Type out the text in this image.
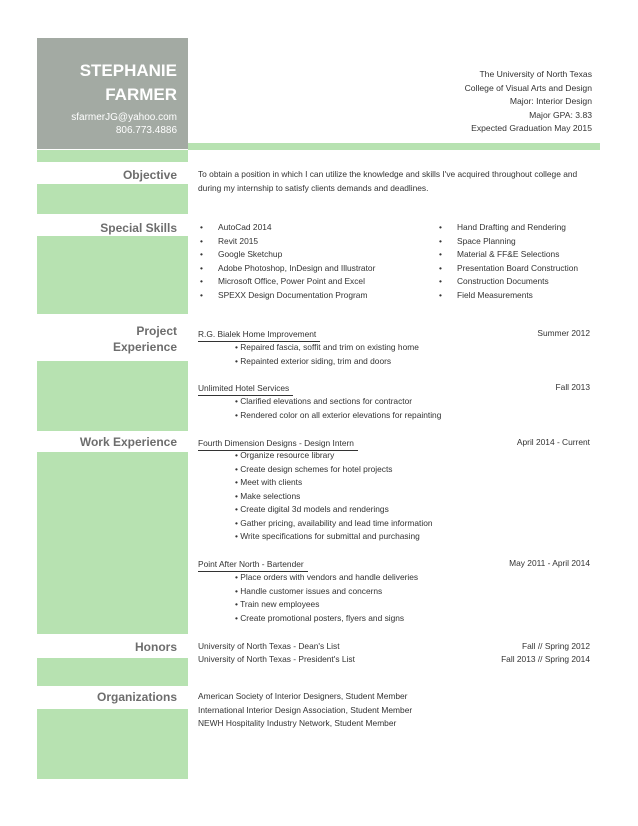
STEPHANIE
FARMER
sfarmerJG@yahoo.com
806.773.4886
The University of North Texas
College of Visual Arts and Design
Major: Interior Design
Major GPA: 3.83
Expected Graduation May 2015
Objective	To obtain a position in which I can utilize the knowledge and skills I've acquired throughout college and during my internship to satisfy clients demands and deadlines.
Special Skills
•	AutoCad 2014
• Revit 2015
• Google Sketchup
• Adobe Photoshop, InDesign and Illustrator
• Microsoft Office, Power Point and Excel
• SPEXX Design Documentation Program
• Hand Drafting and Rendering
• Space Planning
• Material & FF&E Selections
• Presentation Board Construction
• Construction Documents
• Field Measurements
Project
Experience
R.G. Bialek Home Improvement	Summer 2012
• Repaired fascia, soffit and trim on existing home
• Repainted exterior siding, trim and doors
Unlimited Hotel Services	Fall 2013
• Clarified elevations and sections for contractor
• Rendered color on all exterior elevations for repainting
Work Experience	Fourth Dimension Designs - Design Intern	April 2014 - Current
• Organize resource library
• Create design schemes for hotel projects
• Meet with clients
• Make selections
• Create digital 3d models and renderings
• Gather pricing, availability and lead time information
• Write specifications for submittal and purchasing
Point After North - Bartender	May 2011 - April 2014
• Place orders with vendors and handle deliveries
• Handle customer issues and concerns
• Train new employees
• Create promotional posters, flyers and signs
Honors	University of North Texas - Dean's List	Fall // Spring 2012
University of North Texas - President's List	Fall 2013 // Spring 2014
Organizations	American Society of Interior Designers, Student Member
International Interior Design Association, Student Member
NEWH Hospitality Industry Network, Student Member
